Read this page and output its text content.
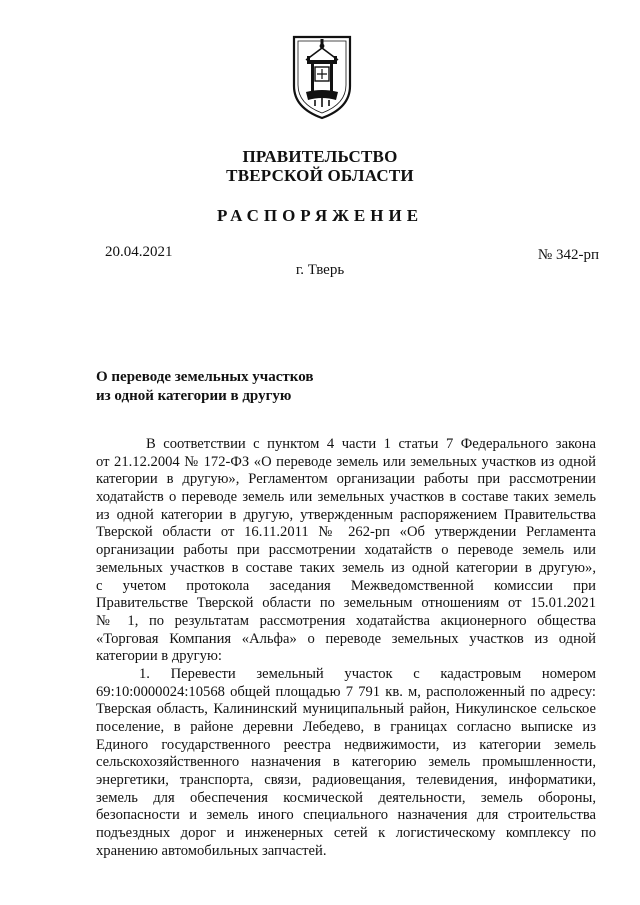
ПРАВИТЕЛЬСТВО
ТВЕРСКОЙ ОБЛАСТИ
РАСПОРЯЖЕНИЕ
20.04.2021	№ 342-рп
г. Тверь
О переводе земельных участков
из одной категории в другую
В соответствии с пунктом 4 части 1 статьи 7 Федерального закона
от 21.12.2004 № 172-ФЗ «О переводе земель или земельных участков из одной
категории в другую», Регламентом организации работы при рассмотрении
ходатайств о переводе земель или земельных участков в составе таких земель
из одной категории в другую, утвержденным распоряжением Правительства
Тверской области от 16.11.2011 № 262-рп «Об утверждении Регламента
организации работы при рассмотрении ходатайств о переводе земель или
земельных участков в составе таких земель из одной категории в другую»,
с учетом протокола заседания Межведомственной комиссии при
Правительстве Тверской области по земельным отношениям от 15.01.2021
№ 1, по результатам рассмотрения ходатайства акционерного общества
«Торговая Компания «Альфа» о переводе земельных участков из одной
категории в другую:
1. Перевести земельный участок с кадастровым номером
69:10:0000024:10568 общей площадью 7 791 кв. м, расположенный по адресу:
Тверская область, Калининский муниципальный район, Никулинское сельское
поселение, в районе деревни Лебедево, в границах согласно выписке из
Единого государственного реестра недвижимости, из категории земель
сельскохозяйственного назначения в категорию земель промышленности,
энергетики, транспорта, связи, радиовещания, телевидения, информатики,
земель для обеспечения космической деятельности, земель обороны,
безопасности и земель иного специального назначения для строительства
подъездных дорог и инженерных сетей к логистическому комплексу по
хранению автомобильных запчастей.
